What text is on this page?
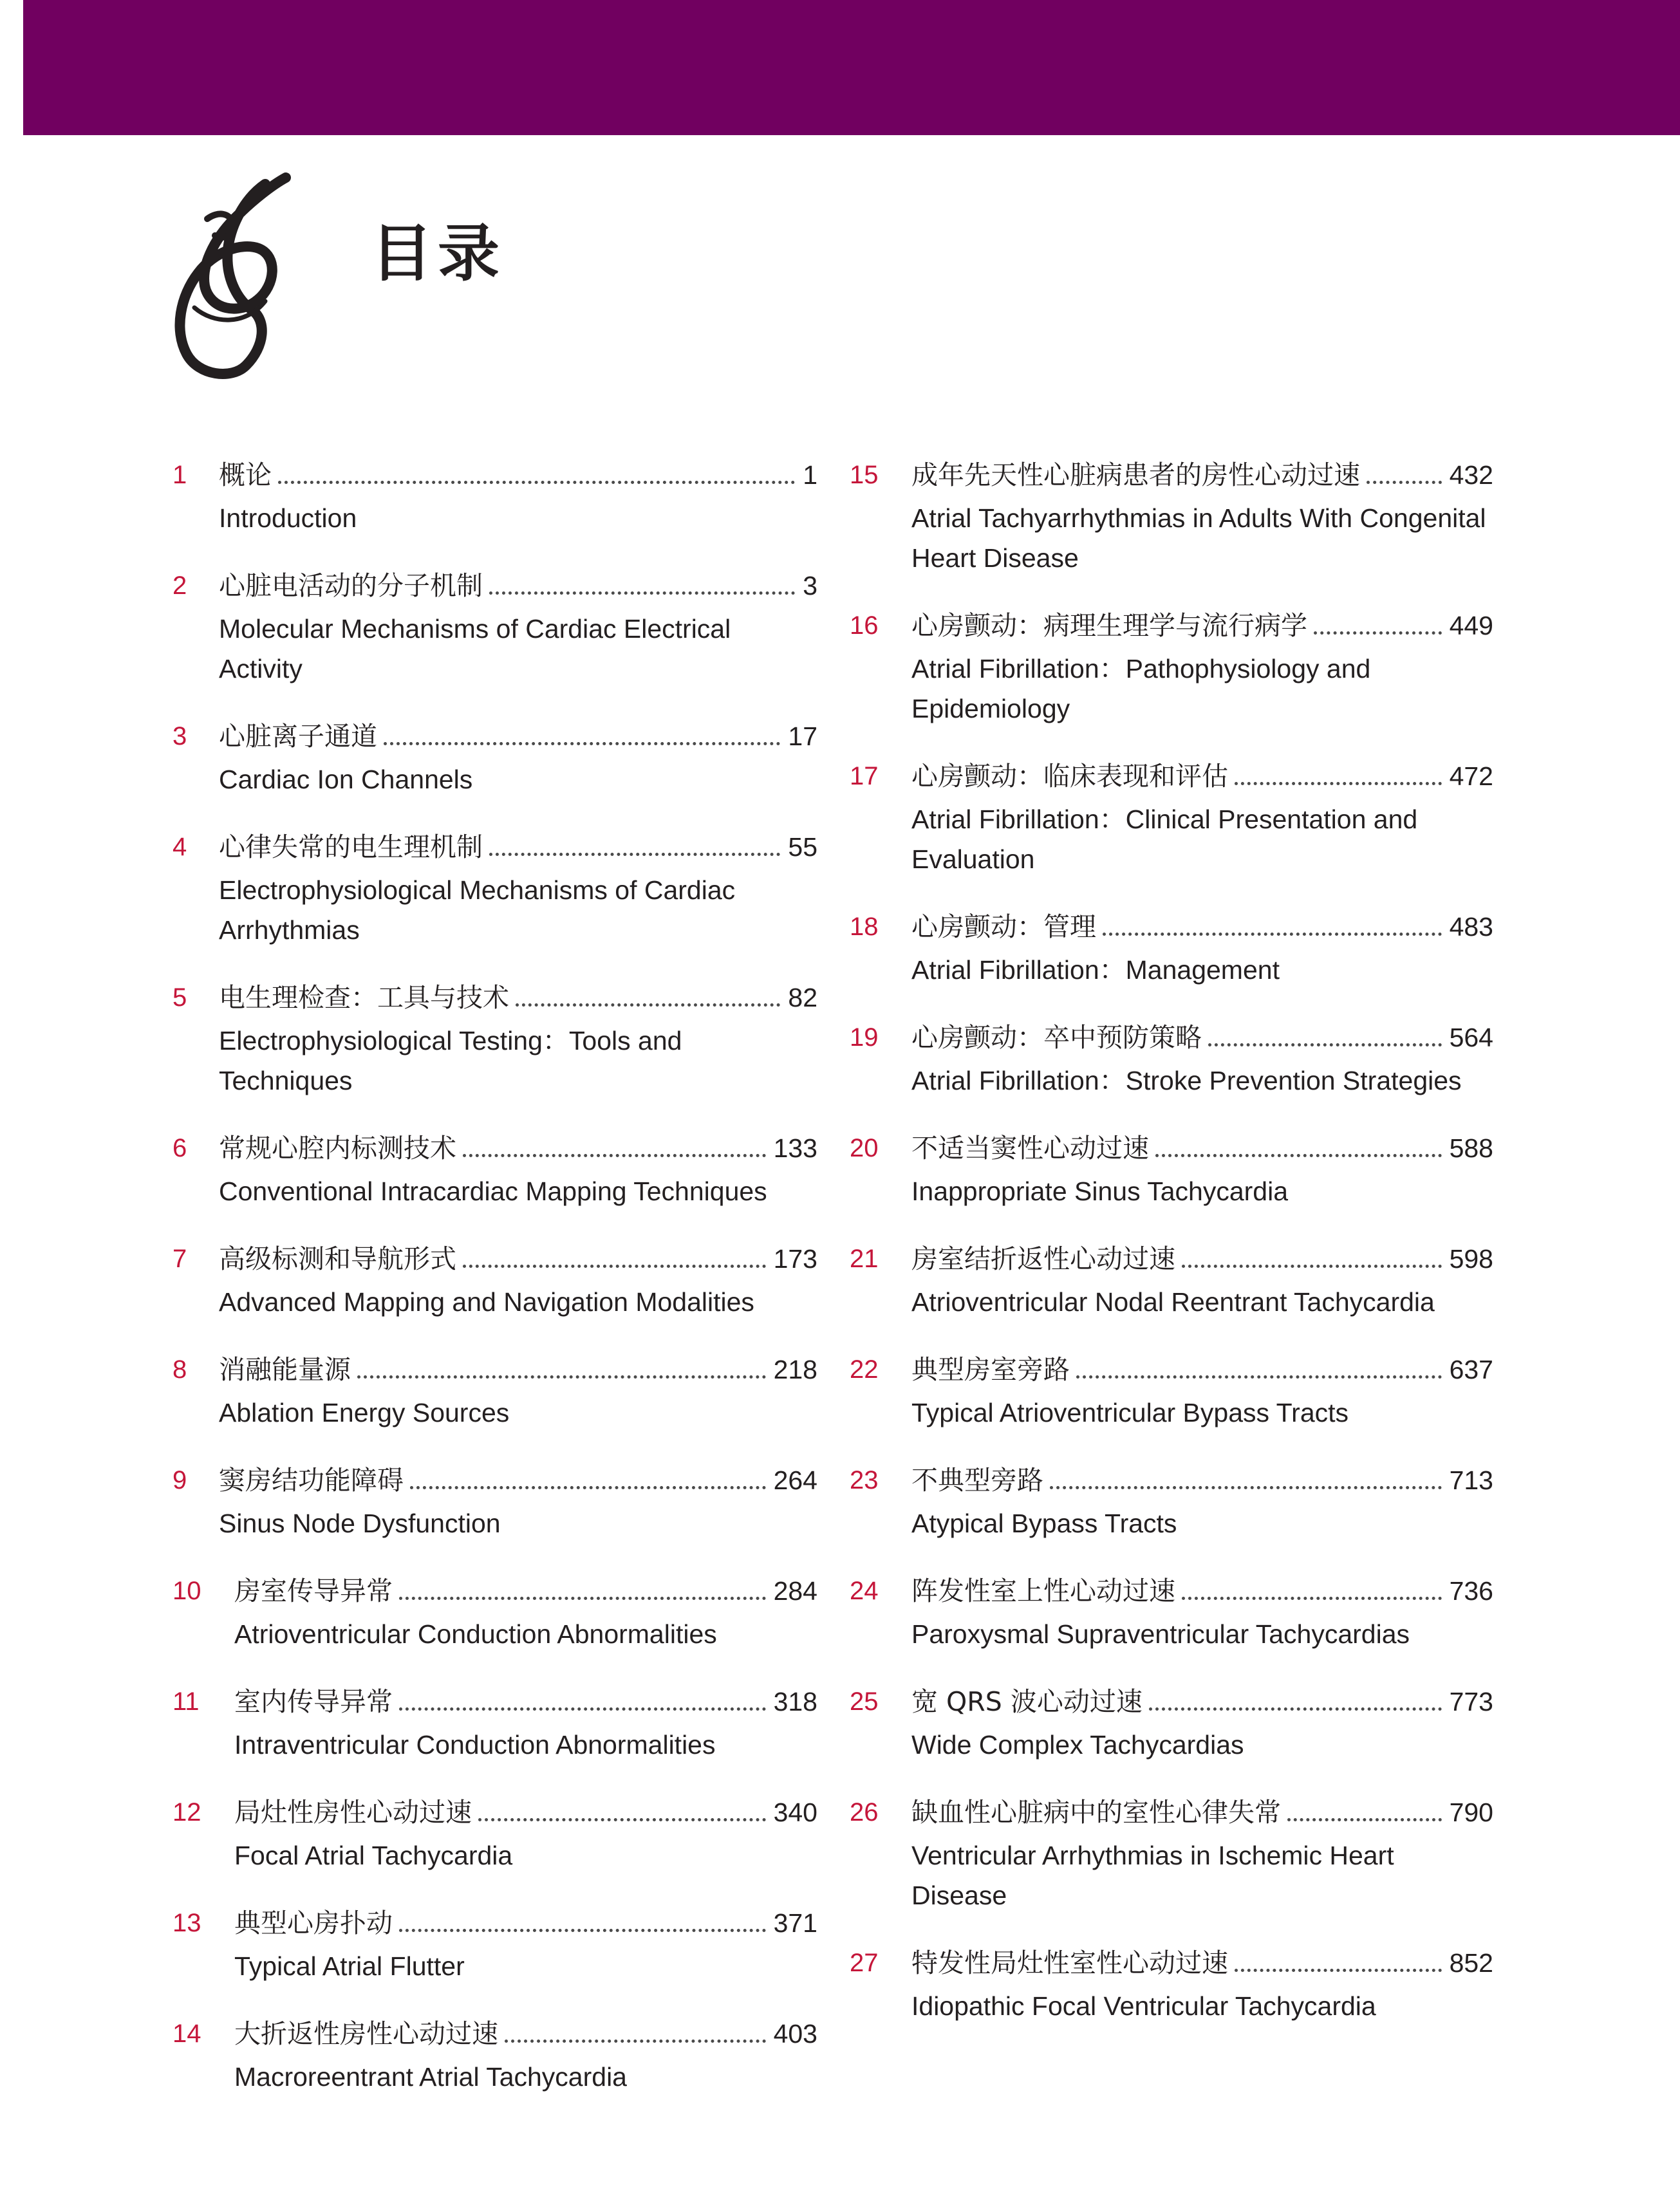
目录
1 概论	1
Introduction
2 心脏电活动的分子机制	3
Molecular Mechanisms of Cardiac Electrical Activity
3 心脏离子通道	17
Cardiac Ion Channels
4 心律失常的电生理机制	55
Electrophysiological Mechanisms of Cardiac Arrhythmias
5 电生理检查：工具与技术	82
Electrophysiological Testing：Tools and Techniques
6 常规心腔内标测技术	133
Conventional Intracardiac Mapping Techniques
7 高级标测和导航形式	173
Advanced Mapping and Navigation Modalities
8 消融能量源	218
Ablation Energy Sources
9 窦房结功能障碍	264
Sinus Node Dysfunction
10 房室传导异常	284
Atrioventricular Conduction Abnormalities
11 室内传导异常	318
Intraventricular Conduction Abnormalities
12 局灶性房性心动过速	340
Focal Atrial Tachycardia
13 典型心房扑动	371
Typical Atrial Flutter
14 大折返性房性心动过速	403
Macroreentrant Atrial Tachycardia
15 成年先天性心脏病患者的房性心动过速	432
Atrial Tachyarrhythmias in Adults With Congenital Heart Disease
16 心房颤动：病理生理学与流行病学	449
Atrial Fibrillation：Pathophysiology and Epidemiology
17 心房颤动：临床表现和评估	472
Atrial Fibrillation：Clinical Presentation and Evaluation
18 心房颤动：管理	483
Atrial Fibrillation：Management
19 心房颤动：卒中预防策略	564
Atrial Fibrillation：Stroke Prevention Strategies
20 不适当窦性心动过速	588
Inappropriate Sinus Tachycardia
21 房室结折返性心动过速	598
Atrioventricular Nodal Reentrant Tachycardia
22 典型房室旁路	637
Typical Atrioventricular Bypass Tracts
23 不典型旁路	713
Atypical Bypass Tracts
24 阵发性室上性心动过速	736
Paroxysmal Supraventricular Tachycardias
25 宽 QRS 波心动过速	773
Wide Complex Tachycardias
26 缺血性心脏病中的室性心律失常	790
Ventricular Arrhythmias in Ischemic Heart Disease
27 特发性局灶性室性心动过速	852
Idiopathic Focal Ventricular Tachycardia
